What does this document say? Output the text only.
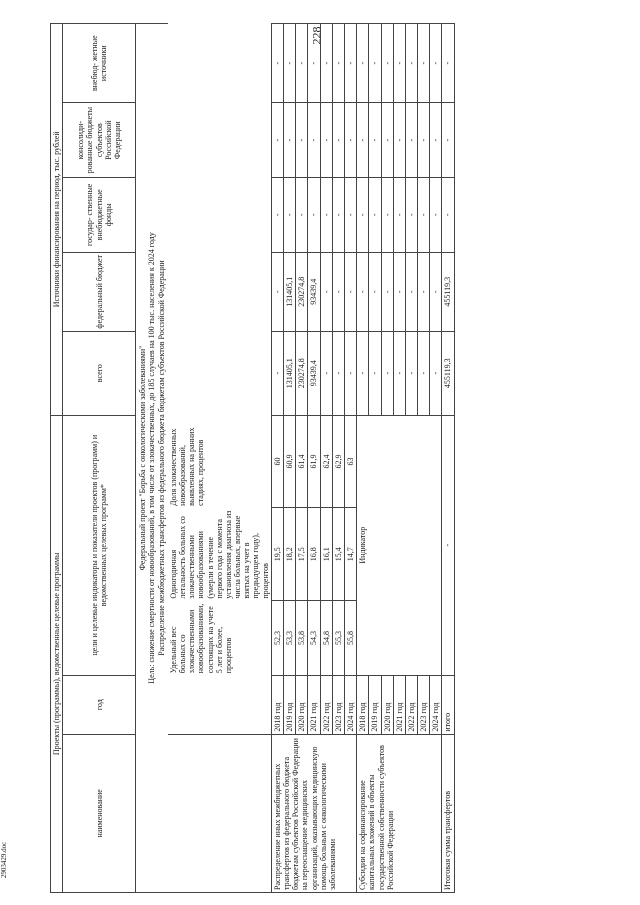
228
2903429.doc
Проекты (программы), ведомственные целевые программы					Источники финансирования на период, тыс. рублей				
наименование	год	цели и целевые индикаторы и показатели проектов (программ) и ведомственных целевых программ*			всего	федеральный бюджет	государ- ственные внебюджетные фонды	консолиди- рованные бюджеты субъектов Российской Федерации	внебюд- жетные источники

Федеральный проект "Борьба с онкологическими заболеваниями" Цель: снижение смертности от новообразований, в том числе от злокачественных, до 185 случаев на 100 тыс. населения к 2024 году Распределение межбюджетных трансфертов из федерального бюджета бюджетам субъектов Российской Федерации									

		Удельный вес больных со злокачественными новообразованиями, состоящих на учете 5 лет и более, процентов	Одногодичная летальность больных со злокачественными новообразованиями (умерли в течение первого года с момента установления диагноза из числа больных, впервые взятых на учет в предыдущем году), процентов	Доля злокачественных новообразований, выявленных на ранних стадиях, процентов					
Распределение иных межбюджетных трансфертов из федерального бюджета бюджетам субъектов Российской Федерации на переоснащение медицинских организаций, оказывающих медицинскую помощь больным с онкологическими заболеваниями	2018 год	52,3	19,5	60	-	-	-	-	-
	2019 год	53,3	18,2	60,9	131405,1	131405,1	-	-	-
	2020 год	53,8	17,5	61,4	230274,8	230274,8	-	-	-
	2021 год	54,3	16,8	61,9	93439,4	93439,4	-	-	-
	2022 год	54,8	16,1	62,4	-	-	-	-	-
	2023 год	55,3	15,4	62,9	-	-	-	-	-
	2024 год	55,8	14,7	63	-	-	-	-	-
Субсидии на софинансирование капитальных вложений в объекты государственной собственности субъектов Российской Федерации	2018 год	Индикатор			-	-	-	-	-
	2019 год				-	-	-	-	-
	2020 год				-	-	-	-	-
	2021 год				-	-	-	-	-
	2022 год				-	-	-	-	-
	2023 год				-	-	-	-	-
	2024 год				-	-	-	-	-
Итоговая сумма трансфертов	итого	-			455119,3	455119,3	-	-	-
